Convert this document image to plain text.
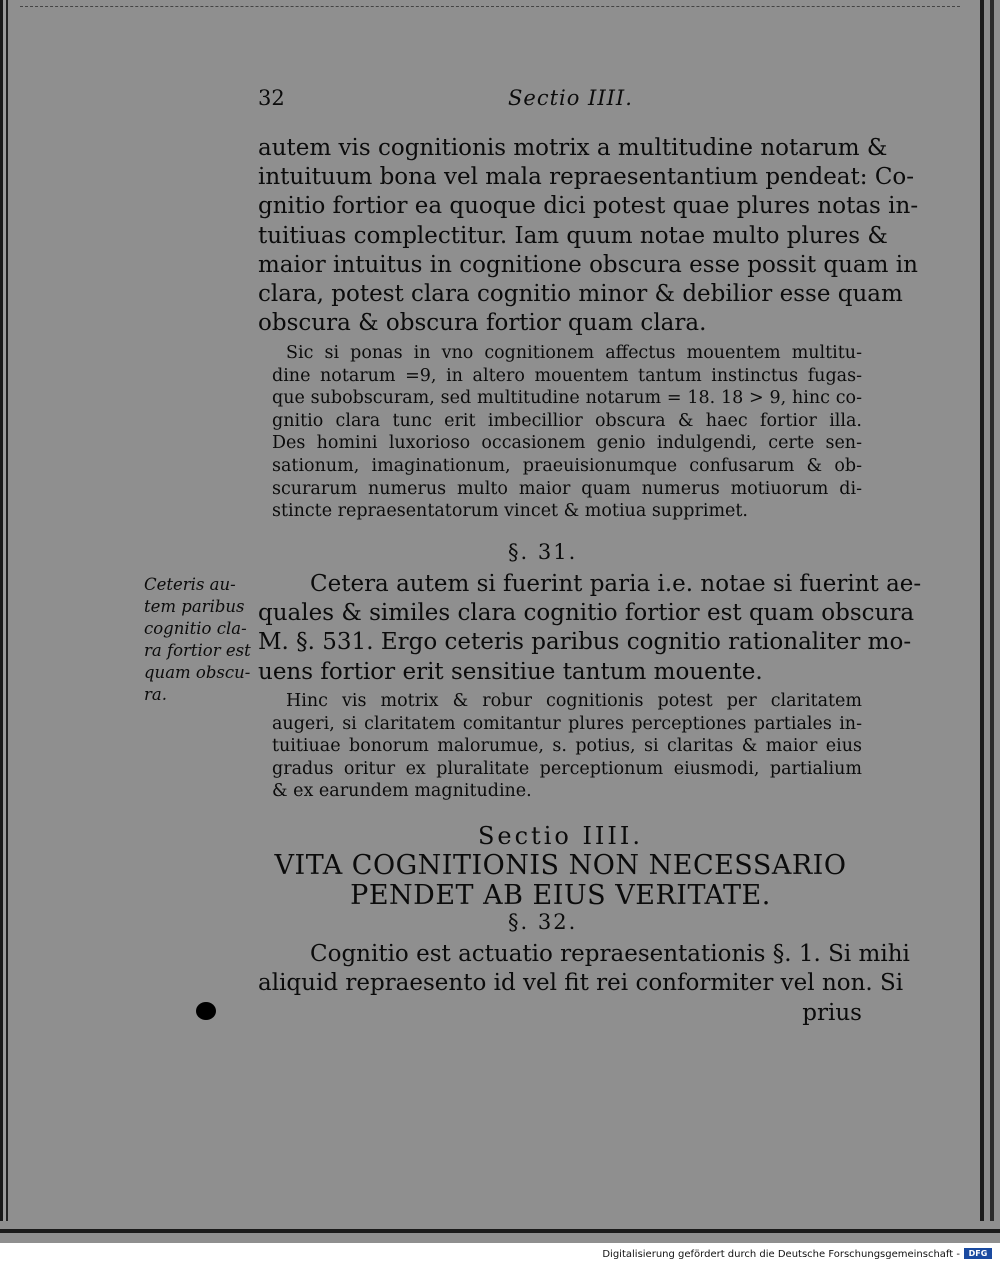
32	Sectio IIII.
autem vis cognitionis motrix a multitudine notarum &
intuituum bona vel mala repraesentantium pendeat: Co-
gnitio fortior ea quoque dici potest quae plures notas in-
tuitiuas complectitur. Iam quum notae multo plures &
maior intuitus in cognitione obscura esse possit quam in
clara, potest clara cognitio minor & debilior esse quam
obscura & obscura fortior quam clara.
Sic si ponas in vno cognitionem affectus mouentem multitu-
dine notarum =9, in altero mouentem tantum instinctus fugas-
que subobscuram, sed multitudine notarum = 18. 18 > 9, hinc co-
gnitio clara tunc erit imbecillior obscura & haec fortior illa.
Des homini luxorioso occasionem genio indulgendi, certe sen-
sationum, imaginationum, praeuisionumque confusarum & ob-
scurarum numerus multo maior quam numerus motiuorum di-
stincte repraesentatorum vincet & motiua supprimet.
§. 31.
Ceteris au-
tem paribus
cognitio cla-
ra fortior est
quam obscu-
ra.
Cetera autem si fuerint paria i.e. notae si fuerint ae-
quales & similes clara cognitio fortior est quam obscura
M. §. 531. Ergo ceteris paribus cognitio rationaliter mo-
uens fortior erit sensitiue tantum mouente.
Hinc vis motrix & robur cognitionis potest per claritatem
augeri, si claritatem comitantur plures perceptiones partiales in-
tuitiuae bonorum malorumue, s. potius, si claritas & maior eius
gradus oritur ex pluralitate perceptionum eiusmodi, partialium
& ex earundem magnitudine.
Sectio IIII.
VITA COGNITIONIS NON NECESSARIO
PENDET AB EIUS VERITATE.
§. 32.
Cognitio est actuatio repraesentationis §. 1. Si mihi
aliquid repraesento id vel fit rei conformiter vel non. Si
prius
Digitalisierung gefördert durch die Deutsche Forschungsgemeinschaft -	DFG
